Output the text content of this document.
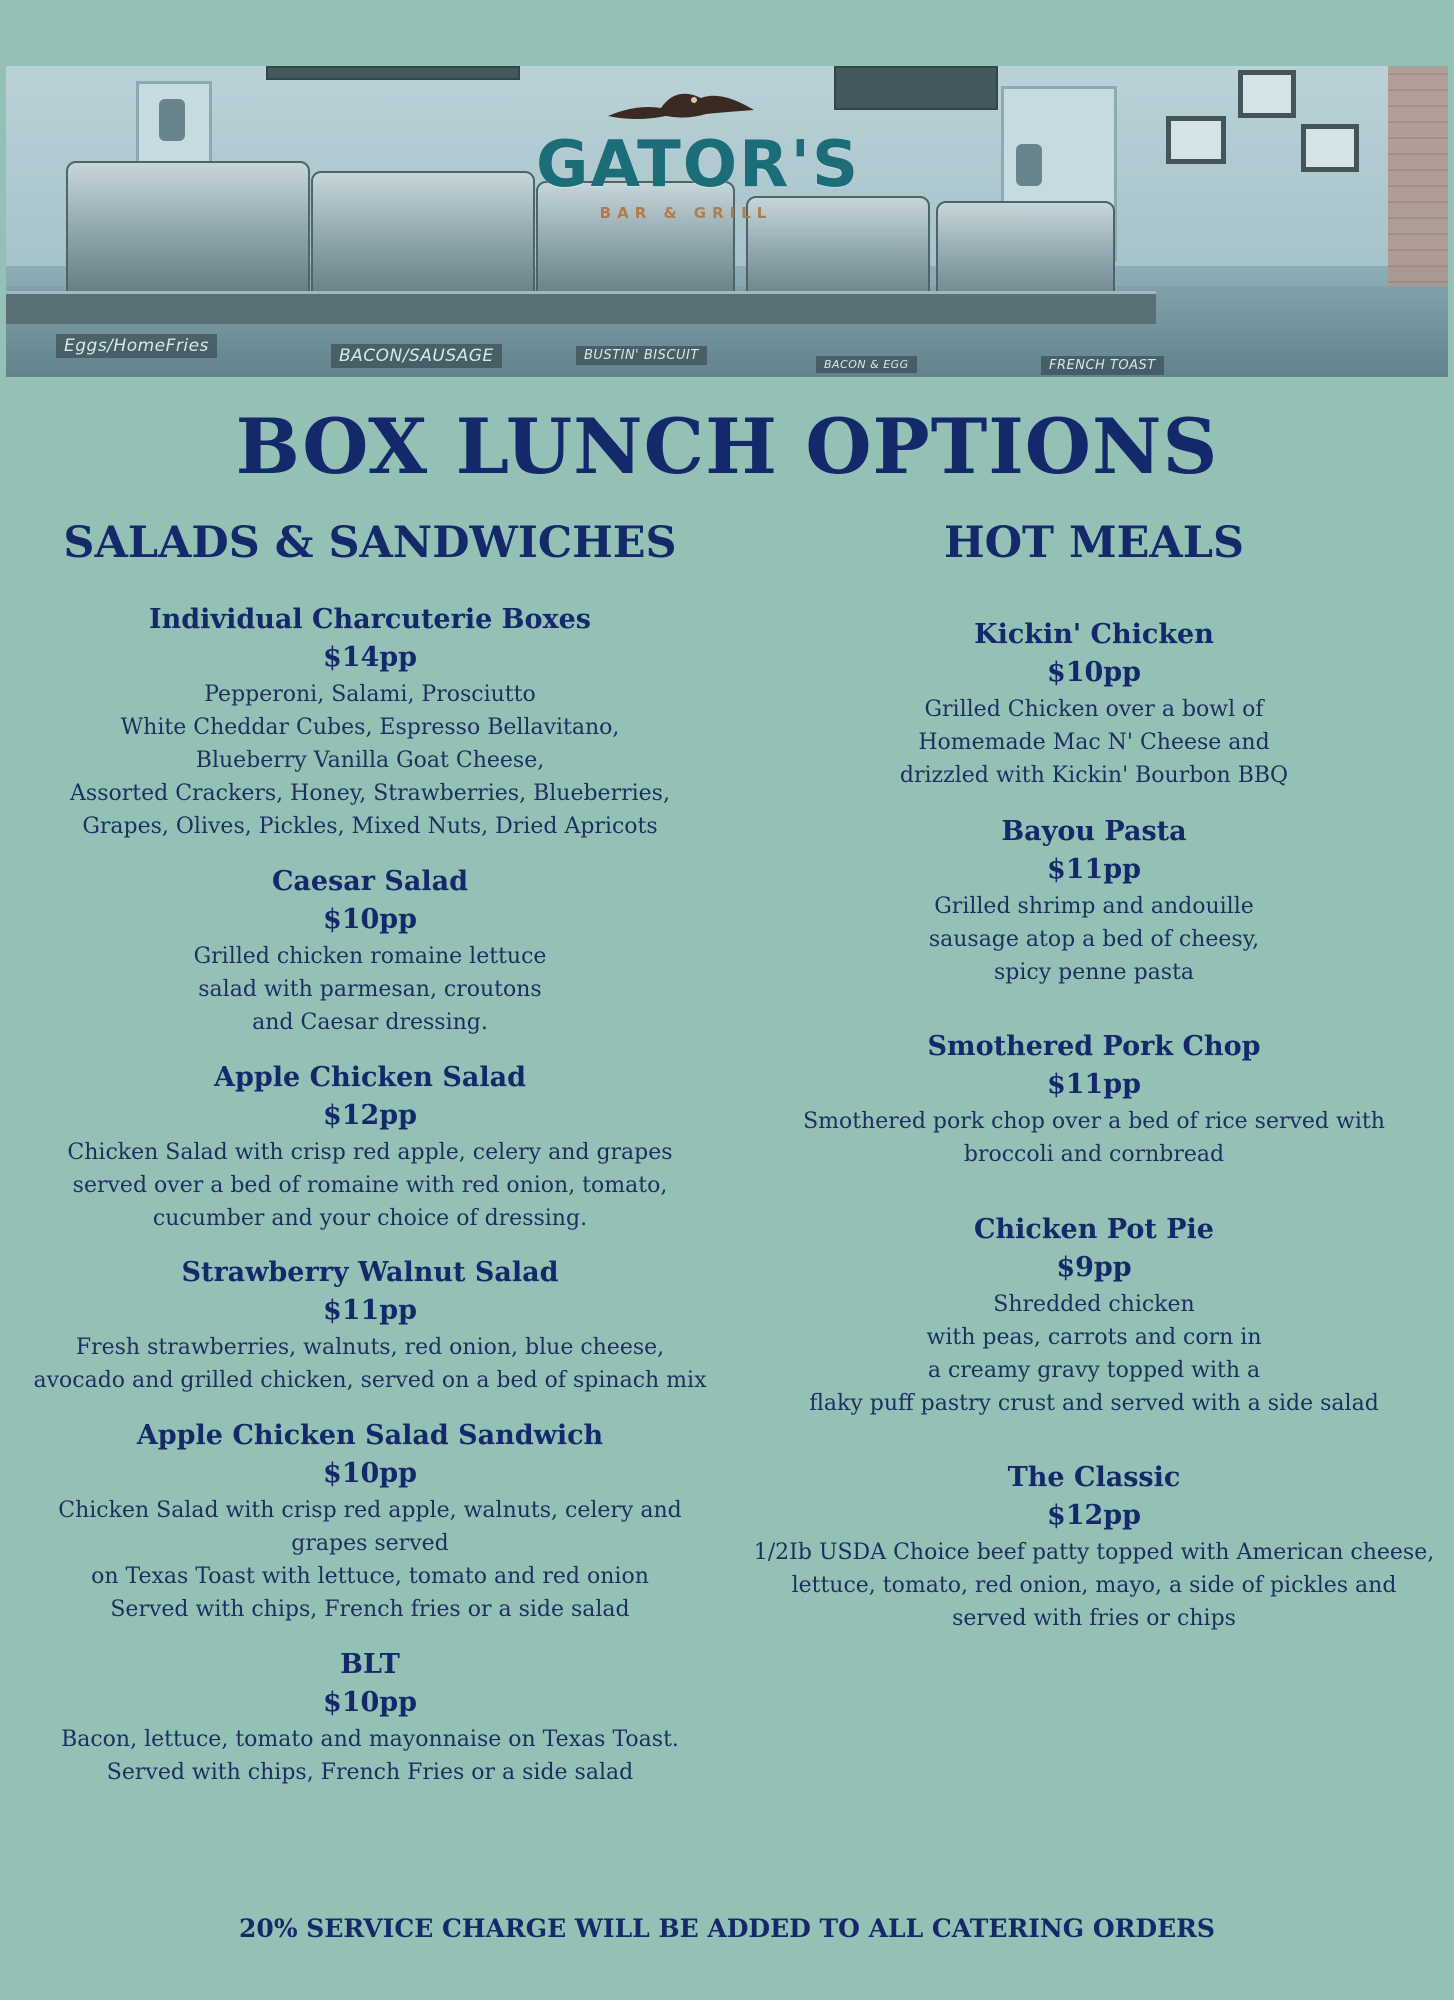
Eggs/HomeFries	BACON/SAUSAGE	BUSTIN' BISCUIT
BACON & EGG	FRENCH TOAST
GATOR'S
BAR & GRILL
BOX LUNCH OPTIONS
SALADS & SANDWICHES	HOT MEALS
Individual Charcuterie Boxes
$14pp
Pepperoni, Salami, Prosciutto
White Cheddar Cubes, Espresso Bellavitano,
Blueberry Vanilla Goat Cheese,
Assorted Crackers, Honey, Strawberries, Blueberries,
Grapes, Olives, Pickles, Mixed Nuts, Dried Apricots
Caesar Salad
$10pp
Grilled chicken romaine lettuce
salad with parmesan, croutons
and Caesar dressing.
Apple Chicken Salad
$12pp
Chicken Salad with crisp red apple, celery and grapes
served over a bed of romaine with red onion, tomato,
cucumber and your choice of dressing.
Strawberry Walnut Salad
$11pp
Fresh strawberries, walnuts, red onion, blue cheese,
avocado and grilled chicken, served on a bed of spinach mix
Apple Chicken Salad Sandwich
$10pp
Chicken Salad with crisp red apple, walnuts, celery and
grapes served
on Texas Toast with lettuce, tomato and red onion
Served with chips, French fries or a side salad
BLT
$10pp
Bacon, lettuce, tomato and mayonnaise on Texas Toast.
Served with chips, French Fries or a side salad
Kickin' Chicken
$10pp
Grilled Chicken over a bowl of
Homemade Mac N' Cheese and
drizzled with Kickin' Bourbon BBQ
Bayou Pasta
$11pp
Grilled shrimp and andouille
sausage atop a bed of cheesy,
spicy penne pasta
Smothered Pork Chop
$11pp
Smothered pork chop over a bed of rice served with
broccoli and cornbread
Chicken Pot Pie
$9pp
Shredded chicken
with peas, carrots and corn in
a creamy gravy topped with a
flaky puff pastry crust and served with a side salad
The Classic
$12pp
1/2Ib USDA Choice beef patty topped with American cheese,
lettuce, tomato, red onion, mayo, a side of pickles and
served with fries or chips
20% SERVICE CHARGE WILL BE ADDED TO ALL CATERING ORDERS
